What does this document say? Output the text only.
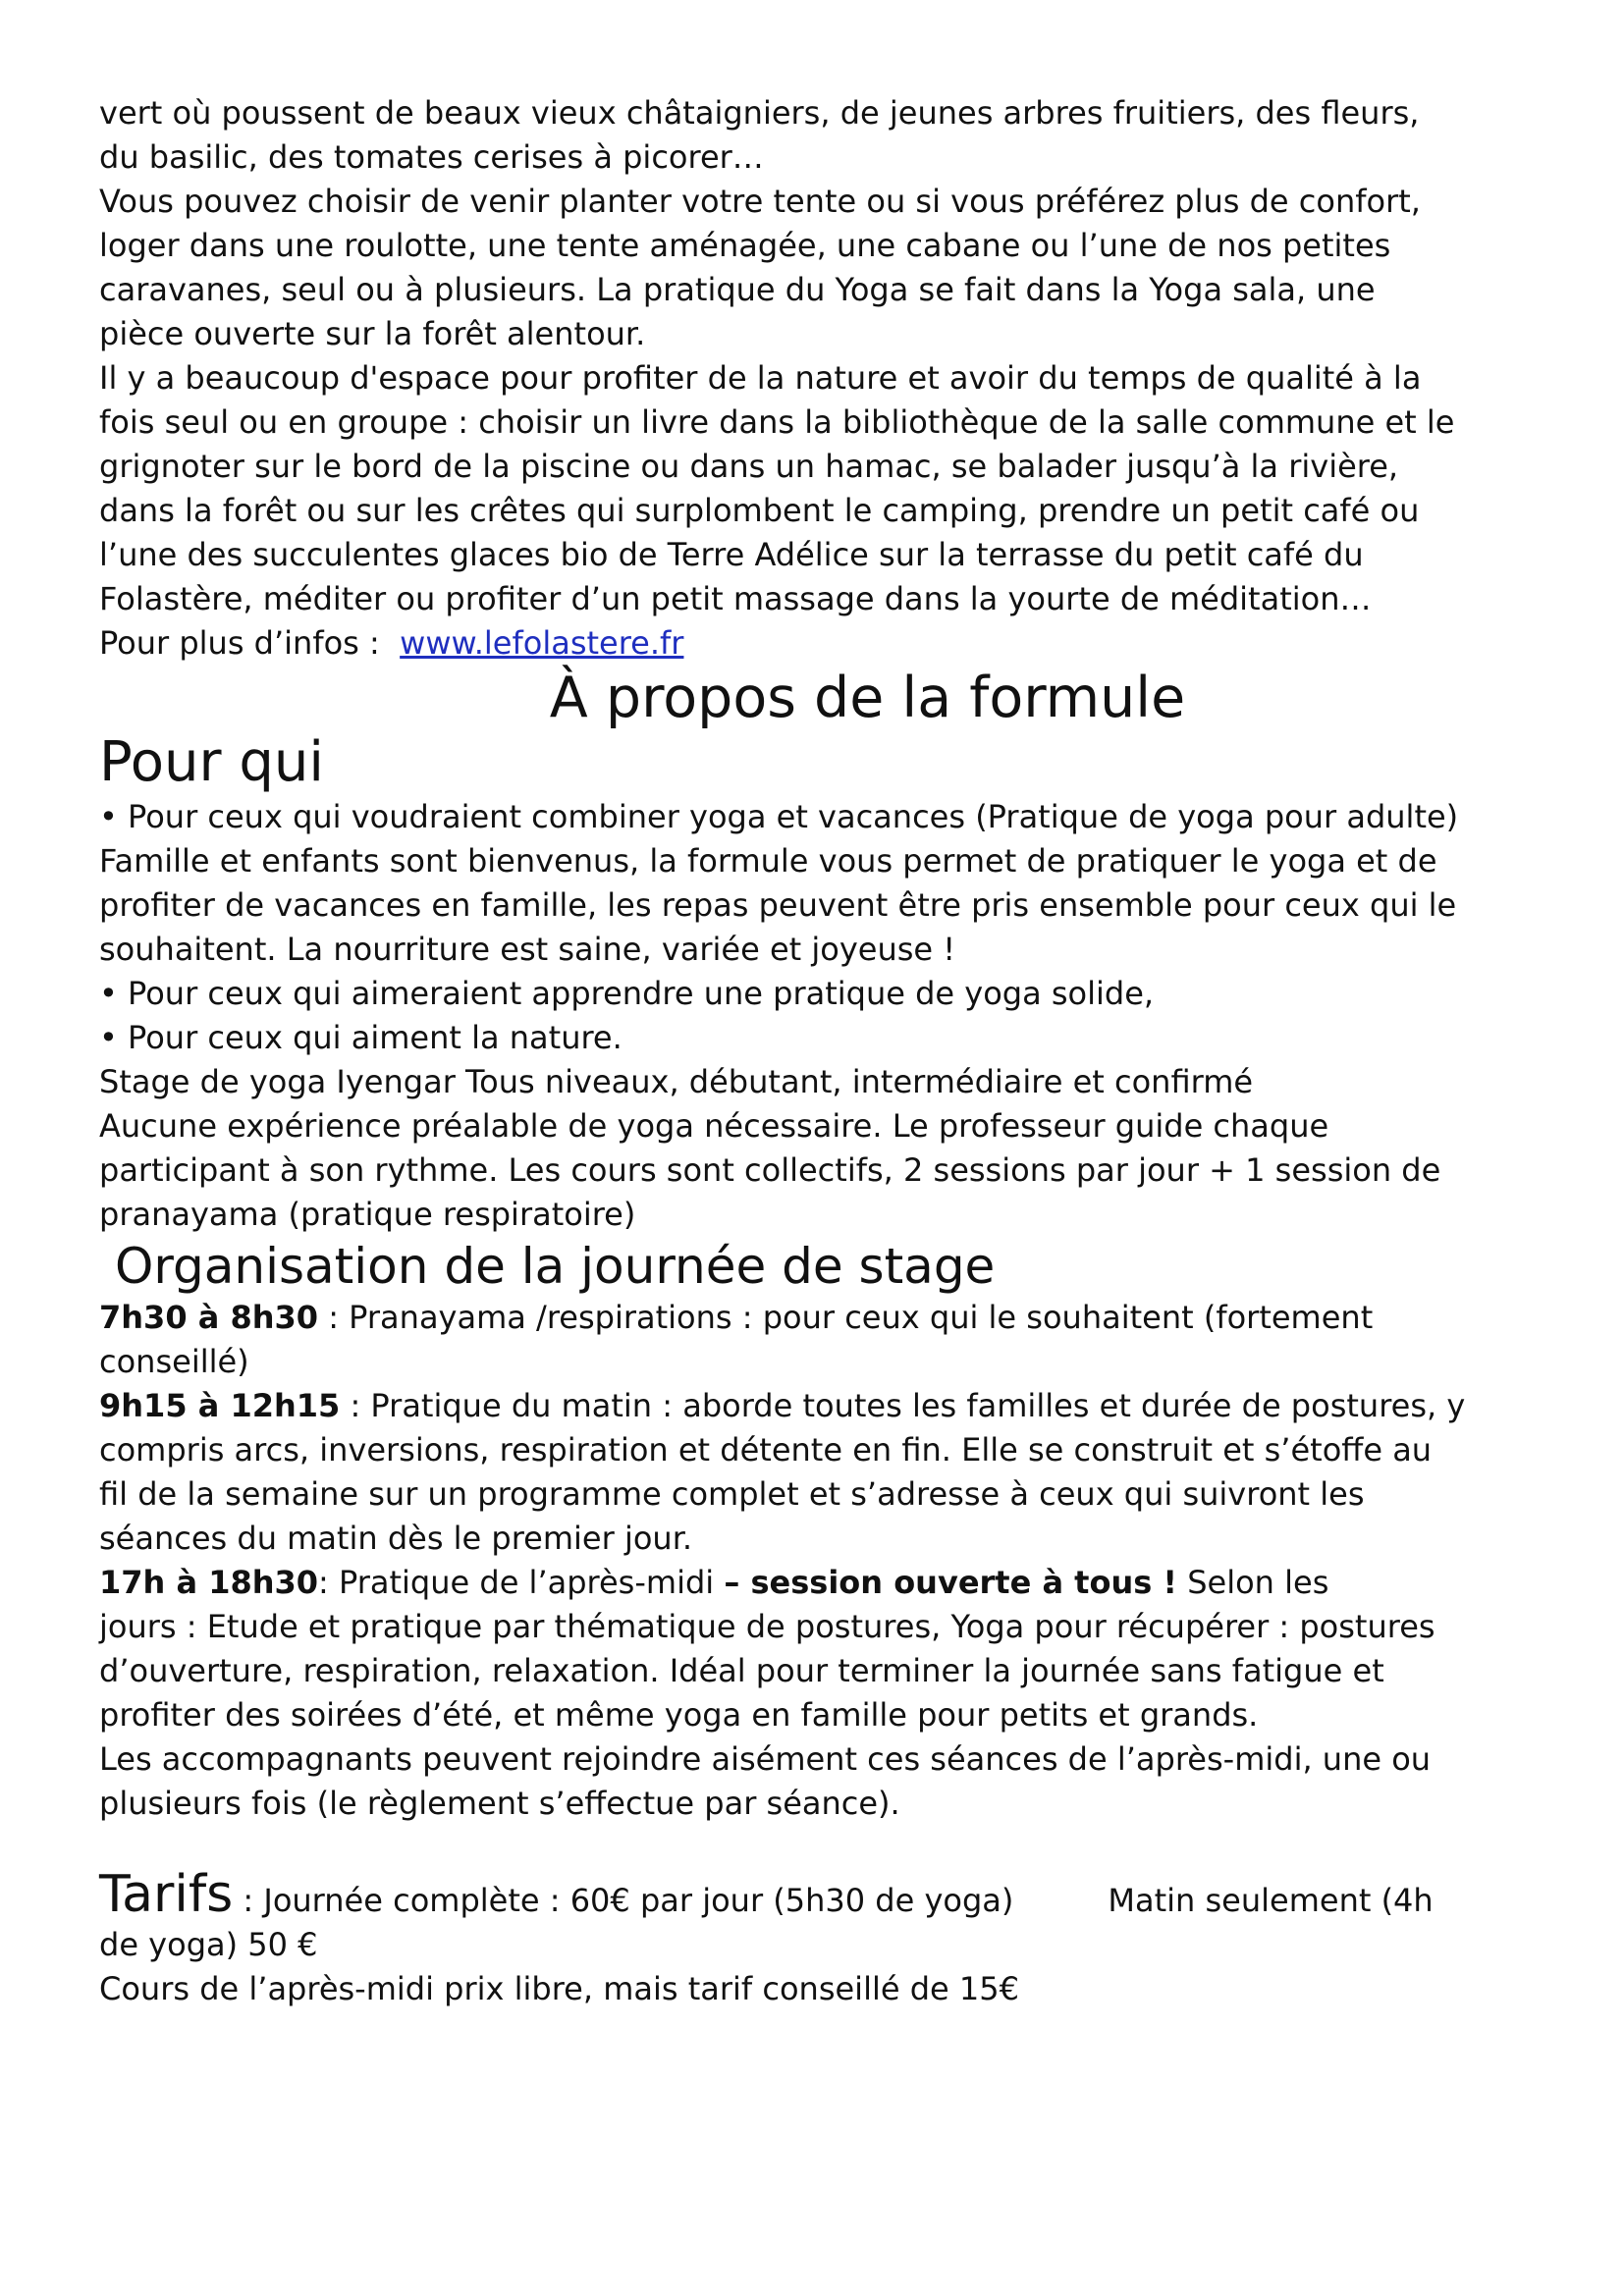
vert où poussent de beaux vieux châtaigniers, de jeunes arbres fruitiers, des fleurs,

du basilic, des tomates cerises à picorer…

Vous pouvez choisir de venir planter votre tente ou si vous préférez plus de confort,

loger dans une roulotte, une tente aménagée, une cabane ou l’une de nos petites

caravanes, seul ou à plusieurs. La pratique du Yoga se fait dans la Yoga sala, une

pièce ouverte sur la forêt alentour.

Il y a beaucoup d'espace pour profiter de la nature et avoir du temps de qualité à la

fois seul ou en groupe : choisir un livre dans la bibliothèque de la salle commune et le

grignoter sur le bord de la piscine ou dans un hamac, se balader jusqu’à la rivière,

dans la forêt ou sur les crêtes qui surplombent le camping, prendre un petit café ou

l’une des succulentes glaces bio de Terre Adélice sur la terrasse du petit café du

Folastère, méditer ou profiter d’un petit massage dans la yourte de méditation…

Pour plus d’infos : www.lefolastere.fr

À propos de la formule

Pour qui

• Pour ceux qui voudraient combiner yoga et vacances (Pratique de yoga pour adulte)

Famille et enfants sont bienvenus, la formule vous permet de pratiquer le yoga et de

profiter de vacances en famille, les repas peuvent être pris ensemble pour ceux qui le

souhaitent. La nourriture est saine, variée et joyeuse !

• Pour ceux qui aimeraient apprendre une pratique de yoga solide,

• Pour ceux qui aiment la nature.

Stage de yoga Iyengar Tous niveaux, débutant, intermédiaire et confirmé

Aucune expérience préalable de yoga nécessaire. Le professeur guide chaque

participant à son rythme. Les cours sont collectifs, 2 sessions par jour + 1 session de

pranayama (pratique respiratoire)

Organisation de la journée de stage

7h30 à 8h30 : Pranayama /respirations : pour ceux qui le souhaitent (fortement

conseillé)

9h15 à 12h15 : Pratique du matin : aborde toutes les familles et durée de postures, y

compris arcs, inversions, respiration et détente en fin. Elle se construit et s’étoffe au

fil de la semaine sur un programme complet et s’adresse à ceux qui suivront les

séances du matin dès le premier jour.

17h à 18h30: Pratique de l’après-midi – session ouverte à tous ! Selon les

jours : Etude et pratique par thématique de postures, Yoga pour récupérer : postures

d’ouverture, respiration, relaxation. Idéal pour terminer la journée sans fatigue et

profiter des soirées d’été, et même yoga en famille pour petits et grands.

Les accompagnants peuvent rejoindre aisément ces séances de l’après-midi, une ou

plusieurs fois (le règlement s’effectue par séance).

Tarifs : Journée complète : 60€ par jour (5h30 de yoga)	Matin seulement (4h

de yoga) 50 €

Cours de l’après-midi prix libre, mais tarif conseillé de 15€
